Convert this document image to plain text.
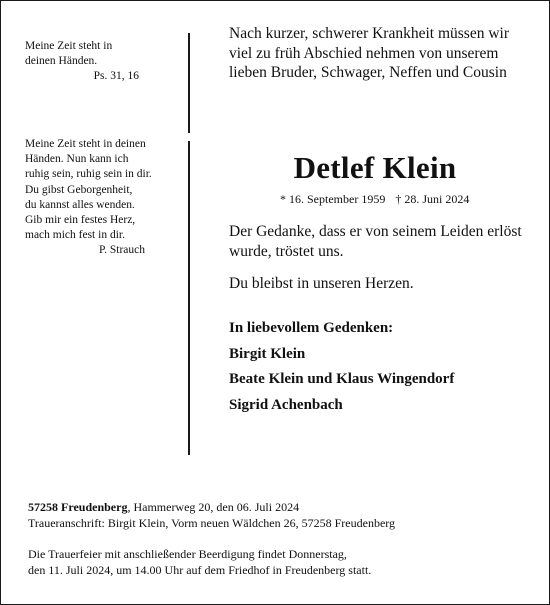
Meine Zeit steht in
deinen Händen.
Ps. 31, 16
Meine Zeit steht in deinen
Händen. Nun kann ich
ruhig sein, ruhig sein in dir.
Du gibst Geborgenheit,
du kannst alles wenden.
Gib mir ein festes Herz,
mach mich fest in dir.
P. Strauch
Nach kurzer, schwerer Krankheit müssen wir
viel zu früh Abschied nehmen von unserem
lieben Bruder, Schwager, Neffen und Cousin
Detlef Klein
* 16. September 1959 † 28. Juni 2024
Der Gedanke, dass er von seinem Leiden erlöst
wurde, tröstet uns.
Du bleibst in unseren Herzen.
In liebevollem Gedenken:
Birgit Klein
Beate Klein und Klaus Wingendorf
Sigrid Achenbach
57258 Freudenberg, Hammerweg 20, den 06. Juli 2024
Traueranschrift: Birgit Klein, Vorm neuen Wäldchen 26, 57258 Freudenberg
Die Trauerfeier mit anschließender Beerdigung findet Donnerstag,
den 11. Juli 2024, um 14.00 Uhr auf dem Friedhof in Freudenberg statt.
